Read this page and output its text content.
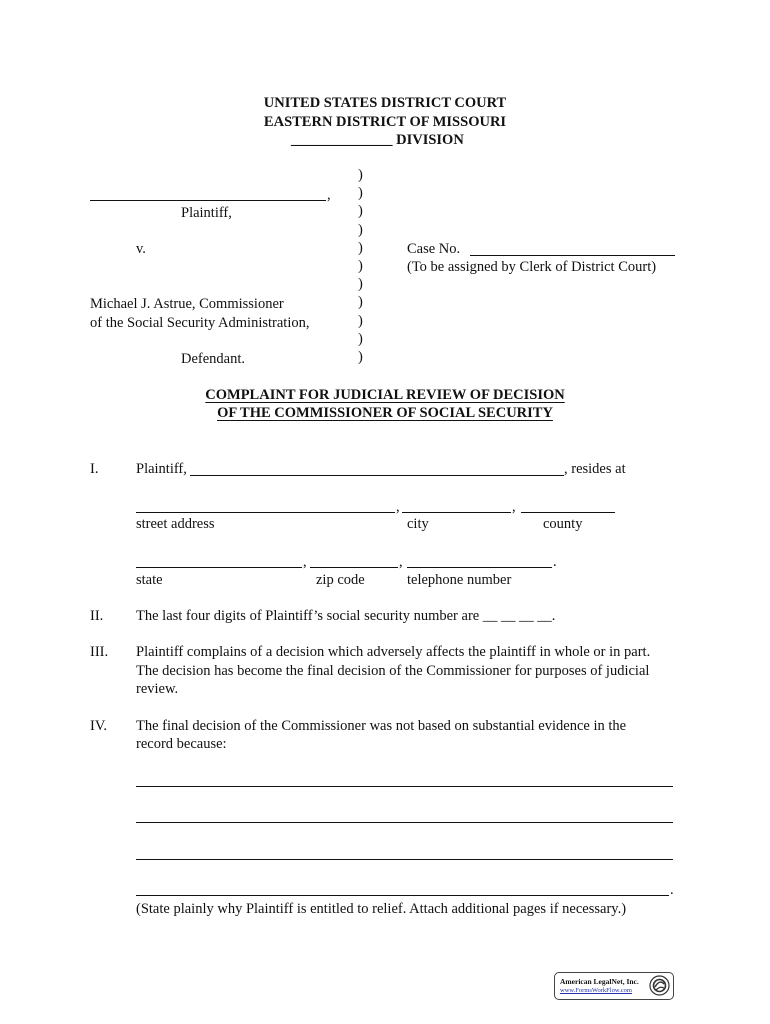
UNITED STATES DISTRICT COURT
EASTERN DISTRICT OF MISSOURI
______________ DIVISION
,
Plaintiff,
v.
Michael J. Astrue, Commissioner
of the Social Security Administration,
Defendant.
)
)
)
)
)
)
)
)
)
)
)
Case No.
(To be assigned by Clerk of District Court)
COMPLAINT FOR JUDICIAL REVIEW OF DECISION
OF THE COMMISSIONER OF SOCIAL SECURITY
I.	Plaintiff,	, resides at
,	,
street address	city	county
,	,	.
state	zip code	telephone number
II. The last four digits of Plaintiff’s social security number are __ __ __ __.
III. Plaintiff complains of a decision which adversely affects the plaintiff in whole or in part.
The decision has become the final decision of the Commissioner for purposes of judicial
review.
IV. The final decision of the Commissioner was not based on substantial evidence in the
record because:
.
(State plainly why Plaintiff is entitled to relief. Attach additional pages if necessary.)
American LegalNet, Inc.
www.FormsWorkFlow.com
